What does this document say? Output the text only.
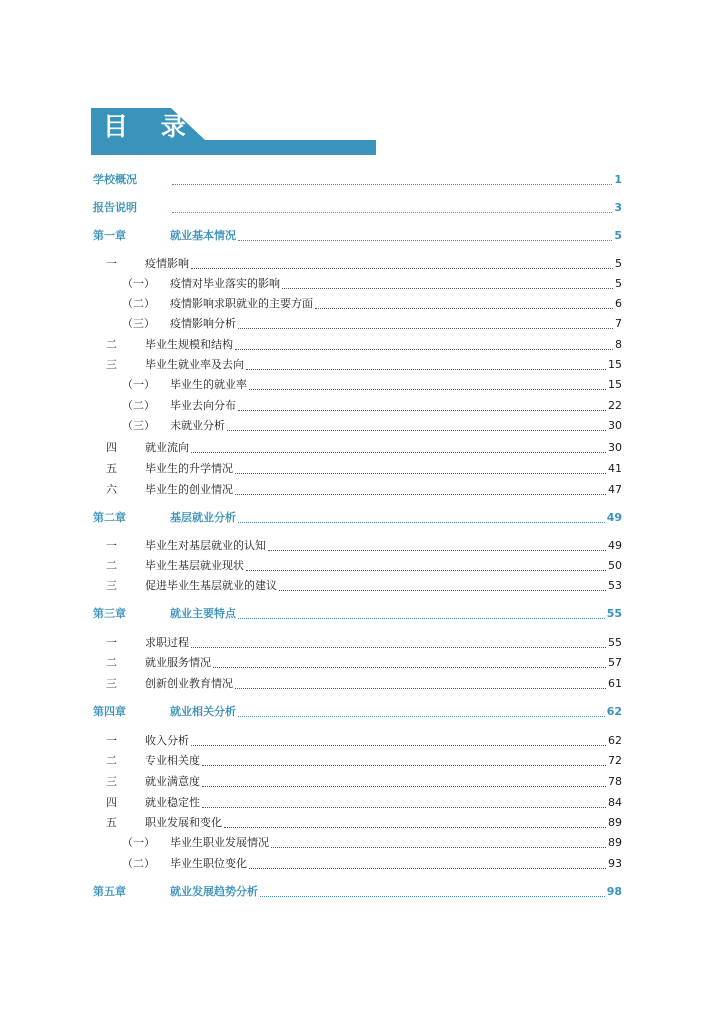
目 录
学校概况	1
报告说明	3
第一章	就业基本情况	5
一	疫情影响	5
（一） 疫情对毕业落实的影响	5
（二） 疫情影响求职就业的主要方面	6
（三） 疫情影响分析	7
二	毕业生规模和结构	8
三	毕业生就业率及去向	15
（一） 毕业生的就业率	15
（二） 毕业去向分布	22
（三） 未就业分析	30
四	就业流向	30
五	毕业生的升学情况	41
六	毕业生的创业情况	47
第二章	基层就业分析	49
一	毕业生对基层就业的认知	49
二	毕业生基层就业现状	50
三	促进毕业生基层就业的建议	53
第三章	就业主要特点	55
一	求职过程	55
二	就业服务情况	57
三	创新创业教育情况	61
第四章	就业相关分析	62
一	收入分析	62
二	专业相关度	72
三	就业满意度	78
四	就业稳定性	84
五	职业发展和变化	89
（一） 毕业生职业发展情况	89
（二） 毕业生职位变化	93
第五章	就业发展趋势分析	98
